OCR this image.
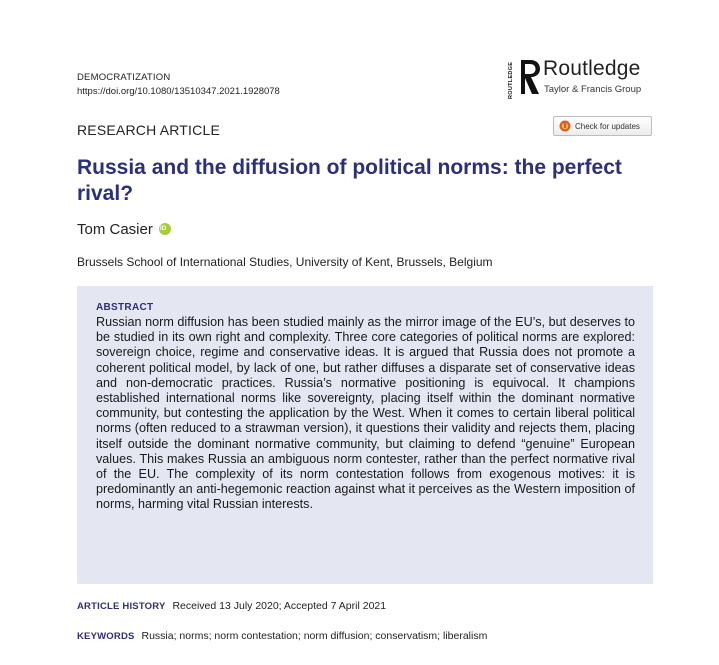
DEMOCRATIZATION
https://doi.org/10.1080/13510347.2021.1928078	ROUTLEDGE Routledge
Taylor & Francis Group
RESEARCH ARTICLE	Check for updates
Russia and the diffusion of political norms: the perfect rival?
Tom Casier
iD
Brussels School of International Studies, University of Kent, Brussels, Belgium
ABSTRACT
Russian norm diffusion has been studied mainly as the mirror image of the EU’s, but deserves to be studied in its own right and complexity. Three core categories of political norms are explored: sovereign choice, regime and conservative ideas. It is argued that Russia does not promote a coherent political model, by lack of one, but rather diffuses a disparate set of conservative ideas and non-democratic practices. Russia’s normative positioning is equivocal. It champions established international norms like sovereignty, placing itself within the dominant normative community, but contesting the application by the West. When it comes to certain liberal political norms (often reduced to a strawman version), it questions their validity and rejects them, placing itself outside the dominant normative community, but claiming to defend “genuine” European values. This makes Russia an ambiguous norm contester, rather than the perfect normative rival of the EU. The complexity of its norm contestation follows from exogenous motives: it is predominantly an anti-hegemonic reaction against what it perceives as the Western imposition of norms, harming vital Russian interests.
ARTICLE HISTORY Received 13 July 2020; Accepted 7 April 2021
KEYWORDS Russia; norms; norm contestation; norm diffusion; conservatism; liberalism
